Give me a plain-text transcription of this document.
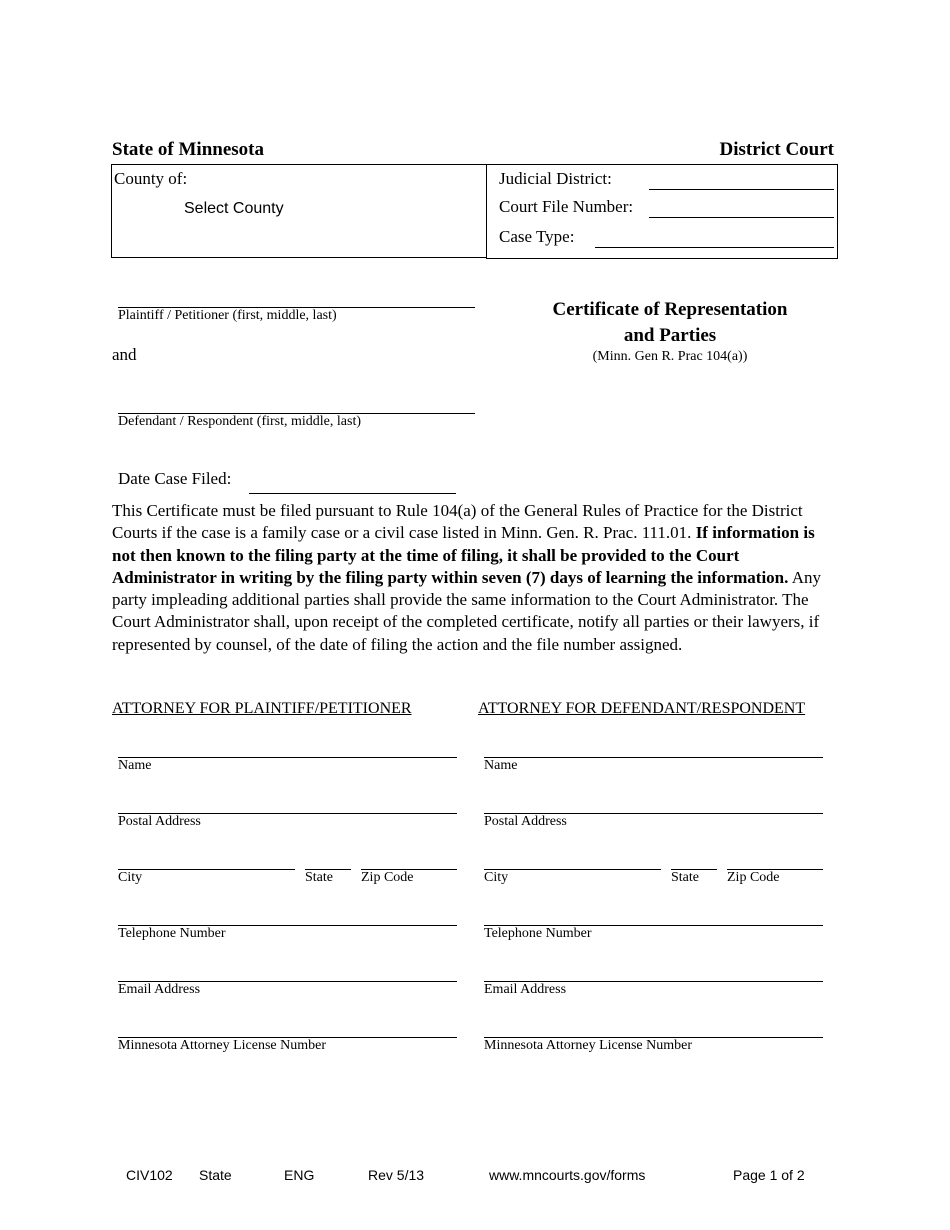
State of Minnesota	District Court
County of:
Select County
Judicial District:
Court File Number:
Case Type:
Plaintiff / Petitioner (first, middle, last)
and
Defendant / Respondent (first, middle, last)
Certificate of Representation
and Parties
(Minn. Gen R. Prac 104(a))
Date Case Filed:
This Certificate must be filed pursuant to Rule 104(a) of the General Rules of Practice for the District Courts if the case is a family case or a civil case listed in Minn. Gen. R. Prac. 111.01. If information is not then known to the filing party at the time of filing, it shall be provided to the Court Administrator in writing by the filing party within seven (7) days of learning the information. Any party impleading additional parties shall provide the same information to the Court Administrator. The Court Administrator shall, upon receipt of the completed certificate, notify all parties or their lawyers, if represented by counsel, of the date of filing the action and the file number assigned.
ATTORNEY FOR PLAINTIFF/PETITIONER
Name
Postal Address
City	State Zip Code
Telephone Number
Email Address
Minnesota Attorney License Number
ATTORNEY FOR DEFENDANT/RESPONDENT
Name
Postal Address
City	State Zip Code
Telephone Number
Email Address
Minnesota Attorney License Number
CIV102 State	ENG	Rev 5/13	www.mncourts.gov/forms	Page 1 of 2
